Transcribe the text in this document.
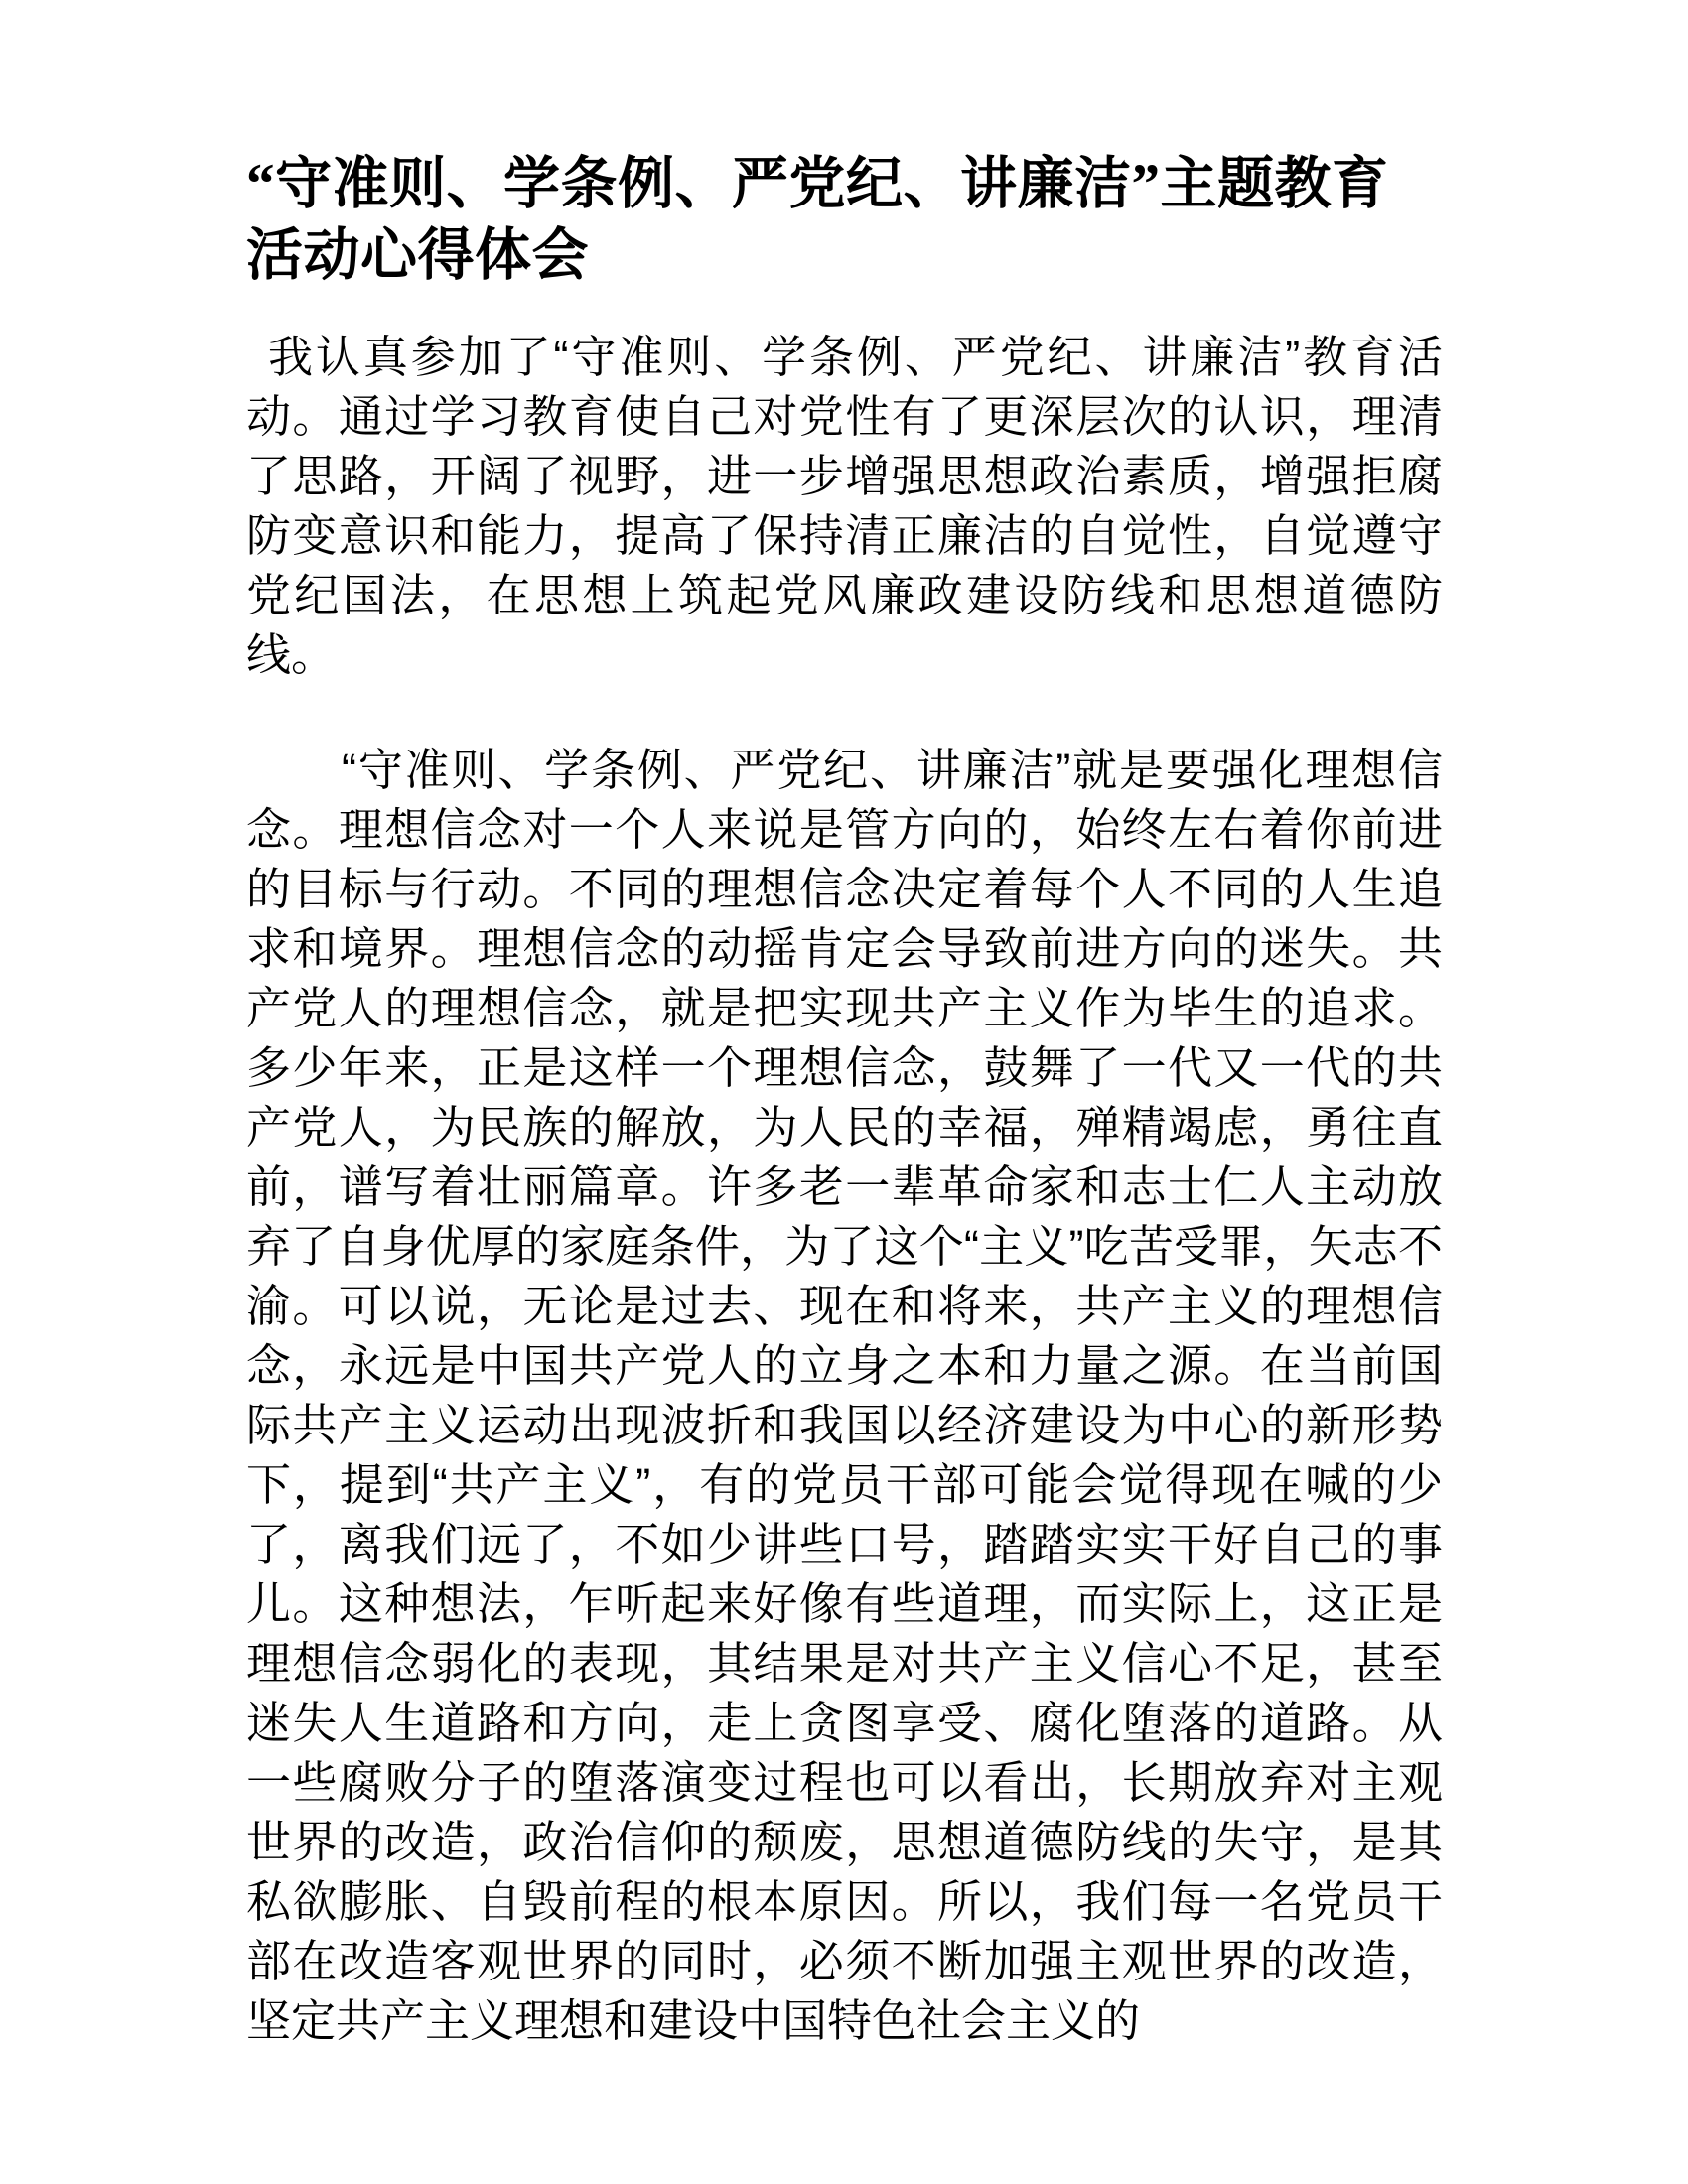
“守准则、学条例、严党纪、讲廉洁”主题教育活动心得体会

我认真参加了“守准则、学条例、严党纪、讲廉洁”教育活动。通过学习教育使自己对党性有了更深层次的认识，理清了思路，开阔了视野，进一步增强思想政治素质，增强拒腐防变意识和能力，提高了保持清正廉洁的自觉性，自觉遵守党纪国法，在思想上筑起党风廉政建设防线和思想道德防线。

“守准则、学条例、严党纪、讲廉洁”就是要强化理想信念。理想信念对一个人来说是管方向的，始终左右着你前进的目标与行动。不同的理想信念决定着每个人不同的人生追求和境界。理想信念的动摇肯定会导致前进方向的迷失。共产党人的理想信念，就是把实现共产主义作为毕生的追求。多少年来，正是这样一个理想信念，鼓舞了一代又一代的共产党人，为民族的解放，为人民的幸福，殚精竭虑，勇往直前，谱写着壮丽篇章。许多老一辈革命家和志士仁人主动放弃了自身优厚的家庭条件，为了这个“主义”吃苦受罪，矢志不渝。可以说，无论是过去、现在和将来，共产主义的理想信念，永远是中国共产党人的立身之本和力量之源。在当前国际共产主义运动出现波折和我国以经济建设为中心的新形势下，提到“共产主义”，有的党员干部可能会觉得现在喊的少了，离我们远了，不如少讲些口号，踏踏实实干好自己的事儿。这种想法，乍听起来好像有些道理，而实际上，这正是理想信念弱化的表现，其结果是对共产主义信心不足，甚至迷失人生道路和方向，走上贪图享受、腐化堕落的道路。从一些腐败分子的堕落演变过程也可以看出，长期放弃对主观世界的改造，政治信仰的颓废，思想道德防线的失守，是其私欲膨胀、自毁前程的根本原因。所以，我们每一名党员干部在改造客观世界的同时，必须不断加强主观世界的改造，坚定共产主义理想和建设中国特色社会主义的
